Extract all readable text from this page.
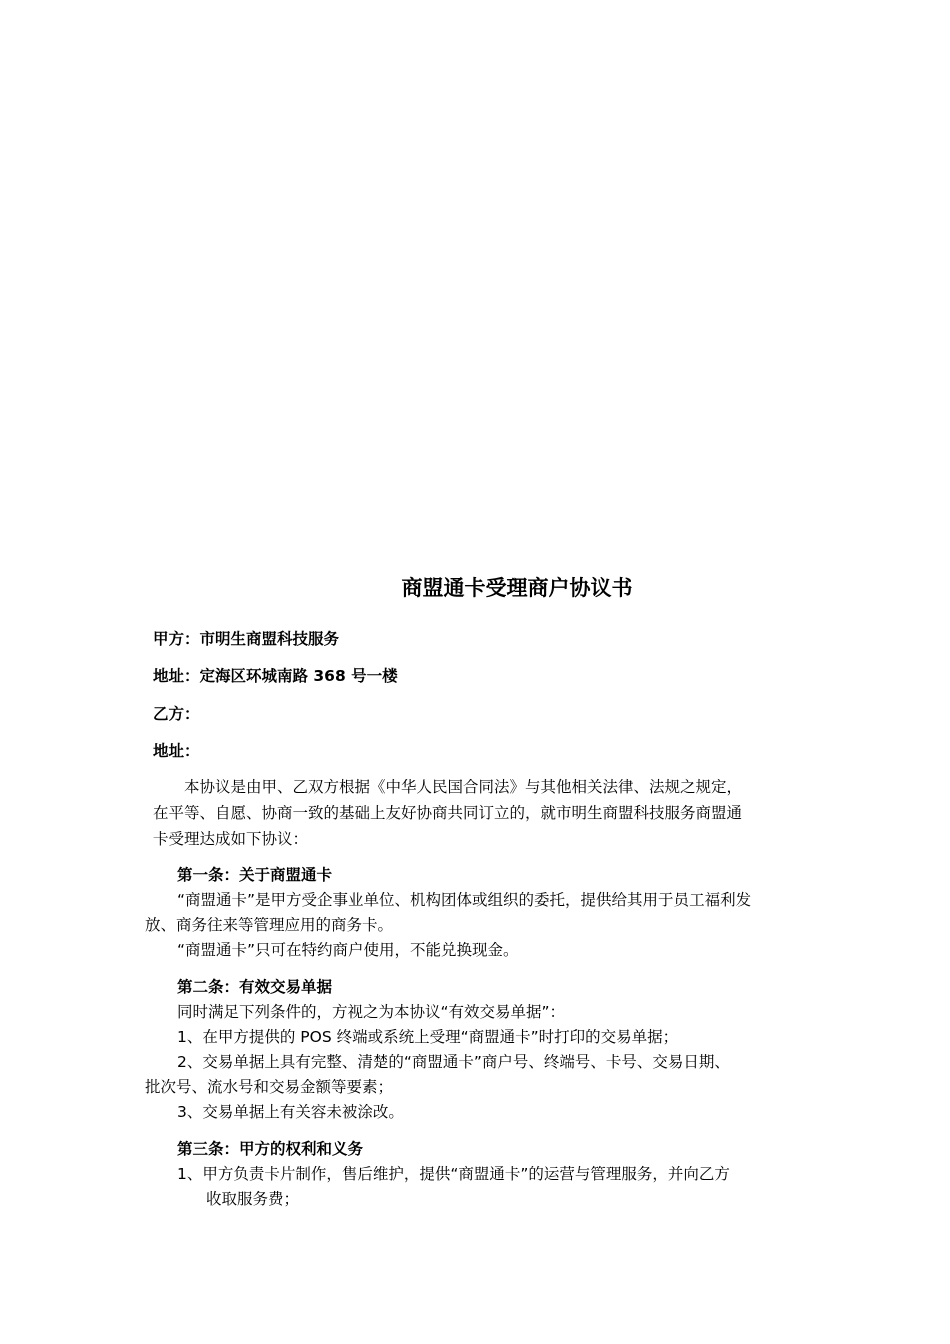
商盟通卡受理商户协议书

甲方：市明生商盟科技服务

地址：定海区环城南路 368 号一楼

乙方：

地址：

本协议是由甲、乙双方根据《中华人民国合同法》与其他相关法律、法规之规定，
在平等、自愿、协商一致的基础上友好协商共同订立的，就市明生商盟科技服务商盟通
卡受理达成如下协议：

第一条：关于商盟通卡

“商盟通卡”是甲方受企事业单位、机构团体或组织的委托，提供给其用于员工福利发

放、商务往来等管理应用的商务卡。

“商盟通卡”只可在特约商户使用，不能兑换现金。

第二条：有效交易单据

同时满足下列条件的，方视之为本协议“有效交易单据”：

1、在甲方提供的 POS 终端或系统上受理“商盟通卡”时打印的交易单据；

2、交易单据上具有完整、清楚的“商盟通卡”商户号、终端号、卡号、交易日期、

批次号、流水号和交易金额等要素；

3、交易单据上有关容未被涂改。

第三条：甲方的权利和义务

1、甲方负责卡片制作，售后维护，提供“商盟通卡”的运营与管理服务，并向乙方

收取服务费；
